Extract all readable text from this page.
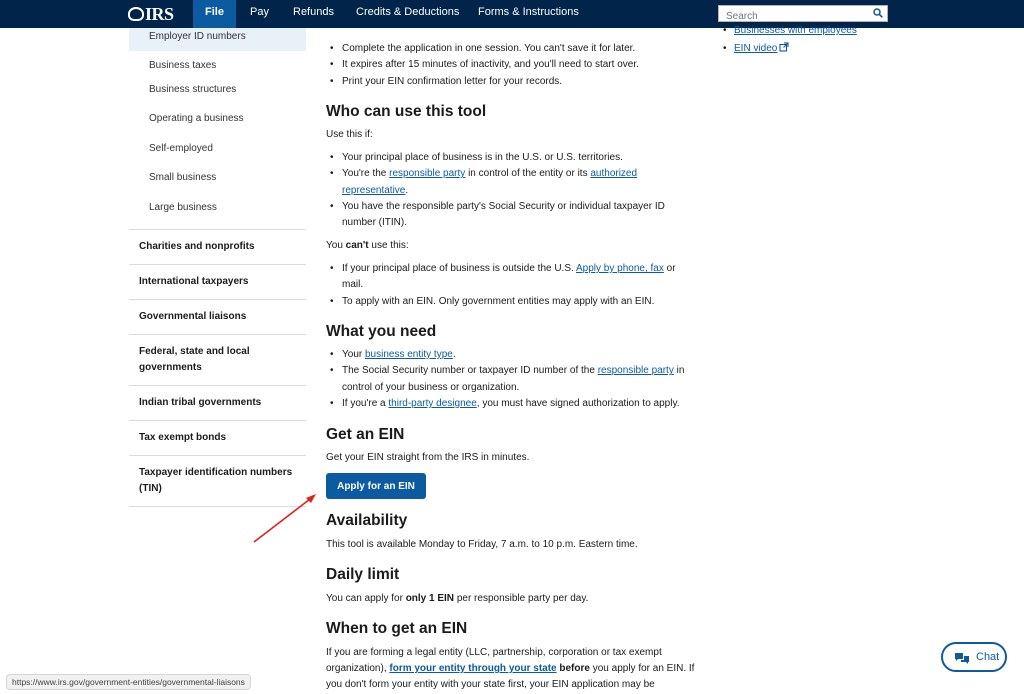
IRS	File	Pay	Refunds	Credits & Deductions	Forms & Instructions
Search
Employer ID numbers
Business taxes
Business structures
Operating a business
Self-employed
Small business
Large business
Charities and nonprofits
International taxpayers
Governmental liaisons
Federal, state and local governments
Indian tribal governments
Tax exempt bonds
Taxpayer identification numbers (TIN)
• Complete the application in one session. You can't save it for later.
• It expires after 15 minutes of inactivity, and you'll need to start over.
• Print your EIN confirmation letter for your records.
Who can use this tool
Use this if:
• Your principal place of business is in the U.S. or U.S. territories.
• You're the responsible party in control of the entity or its authorized representative.
• You have the responsible party's Social Security or individual taxpayer ID number (ITIN).
You can't use this:
• If your principal place of business is outside the U.S. Apply by phone, fax or mail.
• To apply with an EIN. Only government entities may apply with an EIN.
What you need
• Your business entity type.
• The Social Security number or taxpayer ID number of the responsible party in control of your business or organization.
• If you're a third-party designee, you must have signed authorization to apply.
Get an EIN
Get your EIN straight from the IRS in minutes.
Apply for an EIN
Availability
This tool is available Monday to Friday, 7 a.m. to 10 p.m. Eastern time.
Daily limit
You can apply for only 1 EIN per responsible party per day.
When to get an EIN
If you are forming a legal entity (LLC, partnership, corporation or tax exempt organization), form your entity through your state before you apply for an EIN. If you don't form your entity with your state first, your EIN application may be
• Businesses with employees
• EIN video
https://www.irs.gov/government-entities/governmental-liaisons
Chat
